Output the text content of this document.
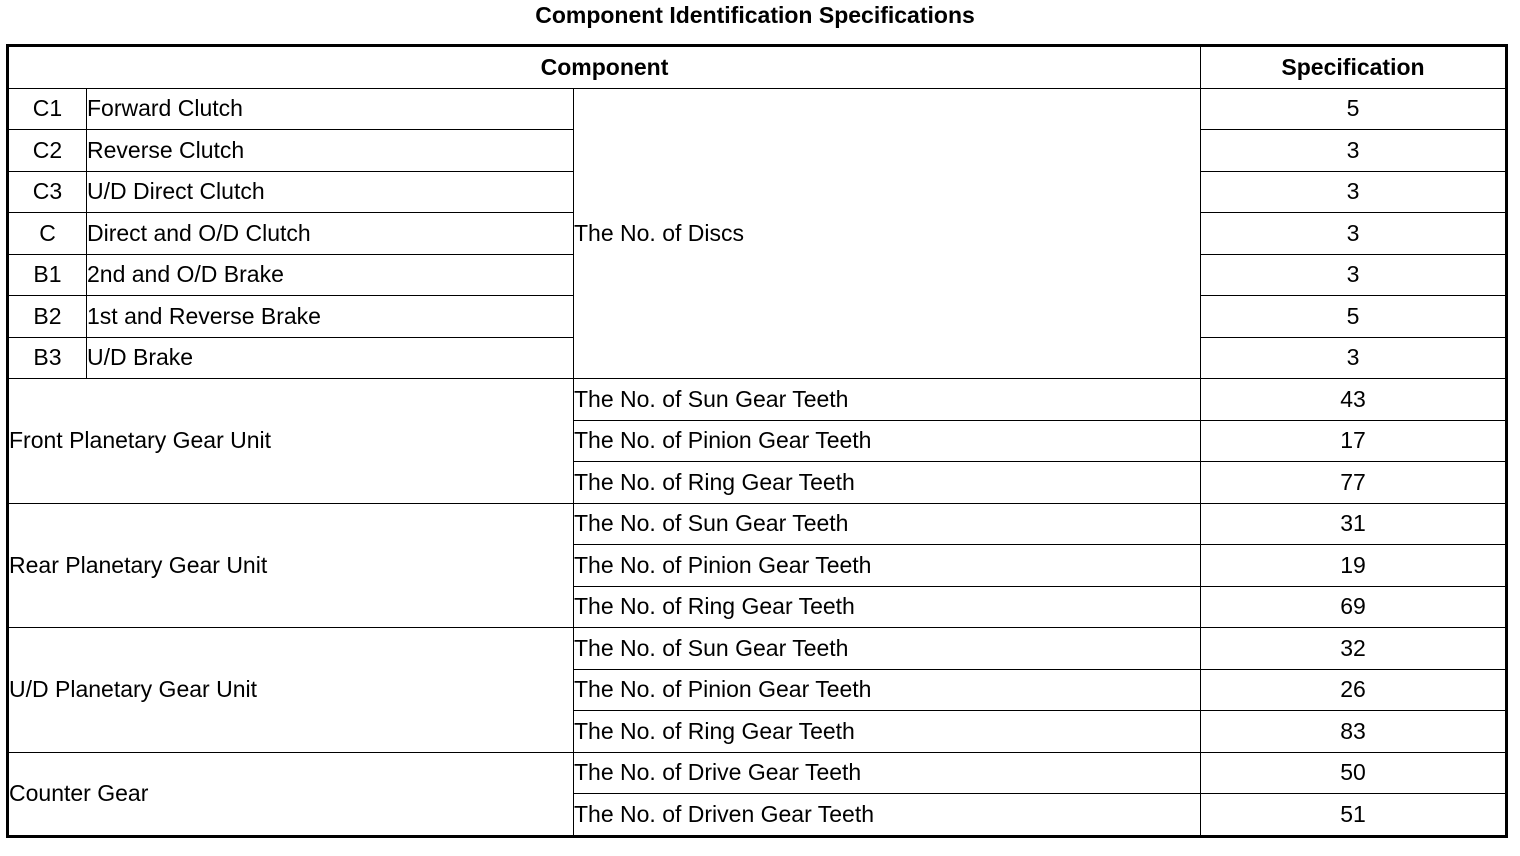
Component Identification Specifications
Component			Specification
C1	Forward Clutch	The No. of Discs	5
C2	Reverse Clutch		3
C3	U/D Direct Clutch		3
C	Direct and O/D Clutch		3
B1	2nd and O/D Brake		3
B2	1st and Reverse Brake		5
B3	U/D Brake		3
Front Planetary Gear Unit		The No. of Sun Gear Teeth	43
		The No. of Pinion Gear Teeth	17
		The No. of Ring Gear Teeth	77
Rear Planetary Gear Unit		The No. of Sun Gear Teeth	31
		The No. of Pinion Gear Teeth	19
		The No. of Ring Gear Teeth	69
U/D Planetary Gear Unit		The No. of Sun Gear Teeth	32
		The No. of Pinion Gear Teeth	26
		The No. of Ring Gear Teeth	83
Counter Gear		The No. of Drive Gear Teeth	50
		The No. of Driven Gear Teeth	51
